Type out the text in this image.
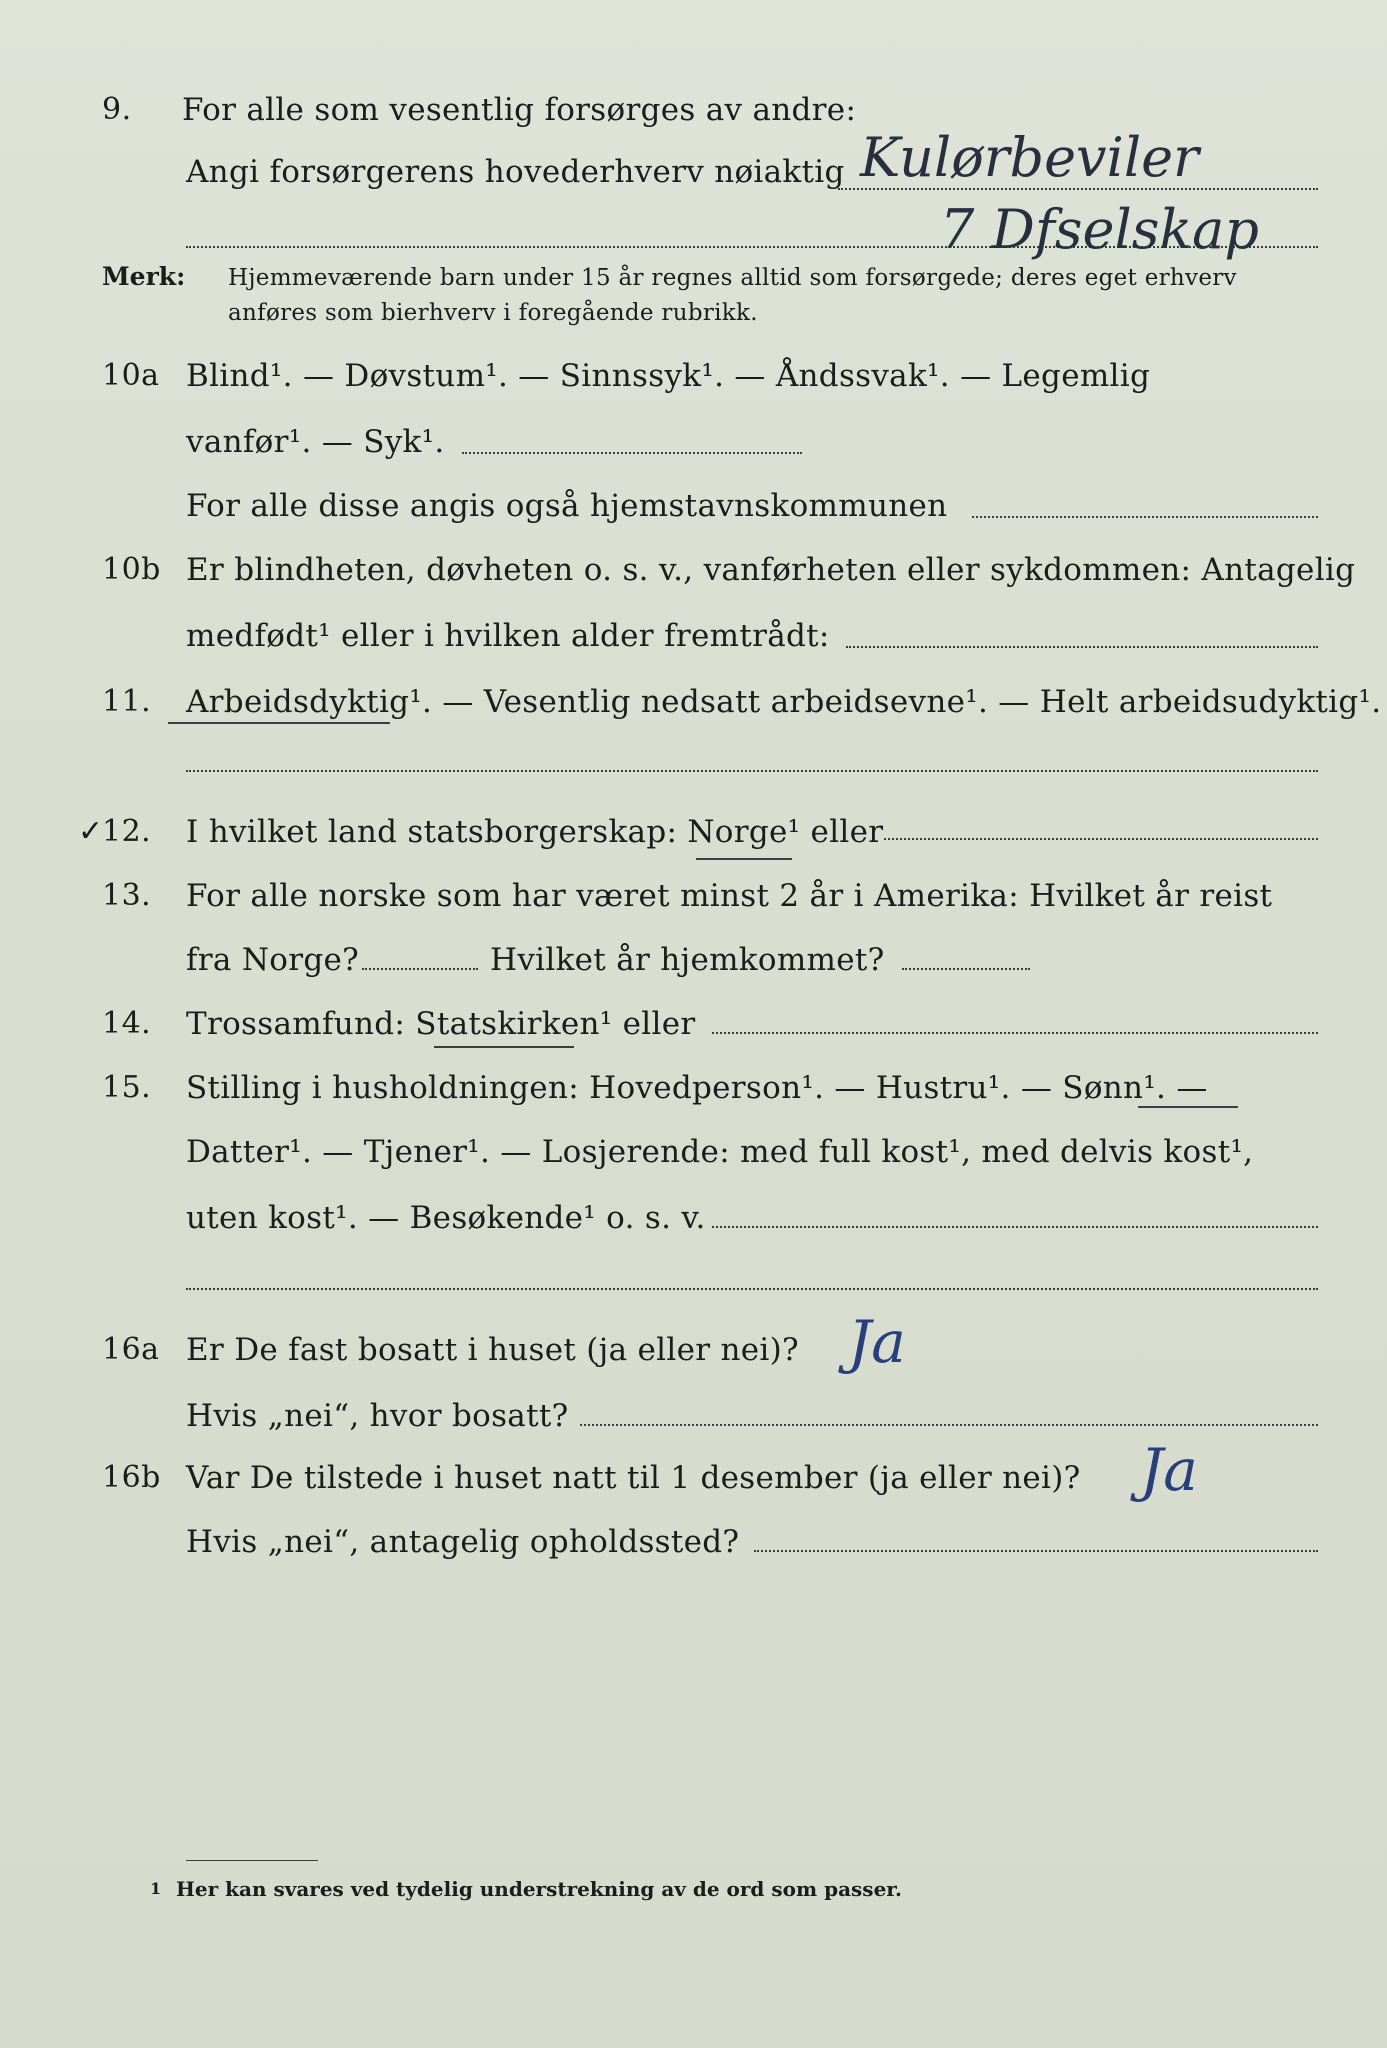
9. For alle som vesentlig forsørges av andre:
Angi forsørgerens hovederhverv nøiaktig Kulørbeviler
7 Dfselskap
Merk: Hjemmeværende barn under 15 år regnes alltid som forsørgede; deres eget erhverv
anføres som bierhverv i foregående rubrikk.
10a Blind¹. — Døvstum¹. — Sinnssyk¹. — Åndssvak¹. — Legemlig
vanfør¹. — Syk¹.
For alle disse angis også hjemstavnskommunen
10b Er blindheten, døvheten o. s. v., vanførheten eller sykdommen: Antagelig
medfødt¹ eller i hvilken alder fremtrådt:
11. Arbeidsdyktig¹. — Vesentlig nedsatt arbeidsevne¹. — Helt arbeidsudyktig¹.
✓
12. I hvilket land statsborgerskap: Norge¹ eller
13. For alle norske som har været minst 2 år i Amerika: Hvilket år reist
fra Norge?	Hvilket år hjemkommet?
14. Trossamfund: Statskirken¹ eller
15. Stilling i husholdningen: Hovedperson¹. — Hustru¹. — Sønn¹. —
Datter¹. — Tjener¹. — Losjerende: med full kost¹, med delvis kost¹,
uten kost¹. — Besøkende¹ o. s. v.
16a Er De fast bosatt i huset (ja eller nei)? Ja
Hvis „nei“, hvor bosatt?
16b Var De tilstede i huset natt til 1 desember (ja eller nei)? Ja
Hvis „nei“, antagelig opholdssted?
1 Her kan svares ved tydelig understrekning av de ord som passer.
